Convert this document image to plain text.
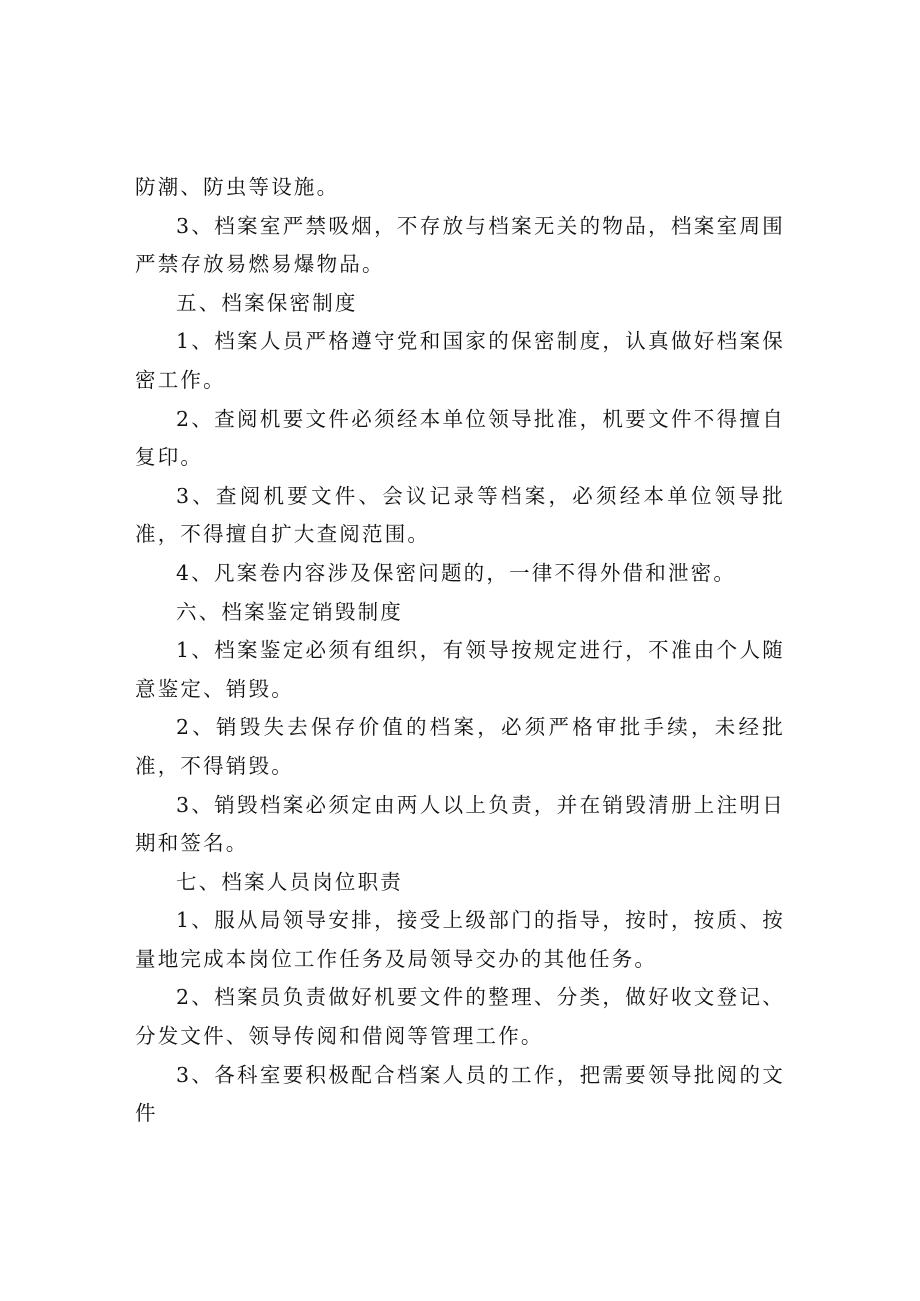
防潮、防虫等设施。

3、档案室严禁吸烟，不存放与档案无关的物品，档案室周围严禁存放易燃易爆物品。

五、档案保密制度

1、档案人员严格遵守党和国家的保密制度，认真做好档案保密工作。

2、查阅机要文件必须经本单位领导批准，机要文件不得擅自复印。

3、查阅机要文件、会议记录等档案，必须经本单位领导批准，不得擅自扩大查阅范围。

4、凡案卷内容涉及保密问题的，一律不得外借和泄密。

六、档案鉴定销毁制度

1、档案鉴定必须有组织，有领导按规定进行，不准由个人随意鉴定、销毁。

2、销毁失去保存价值的档案，必须严格审批手续，未经批准，不得销毁。

3、销毁档案必须定由两人以上负责，并在销毁清册上注明日期和签名。

七、档案人员岗位职责

1、服从局领导安排，接受上级部门的指导，按时，按质、按量地完成本岗位工作任务及局领导交办的其他任务。

2、档案员负责做好机要文件的整理、分类，做好收文登记、分发文件、领导传阅和借阅等管理工作。

3、各科室要积极配合档案人员的工作，把需要领导批阅的文件
